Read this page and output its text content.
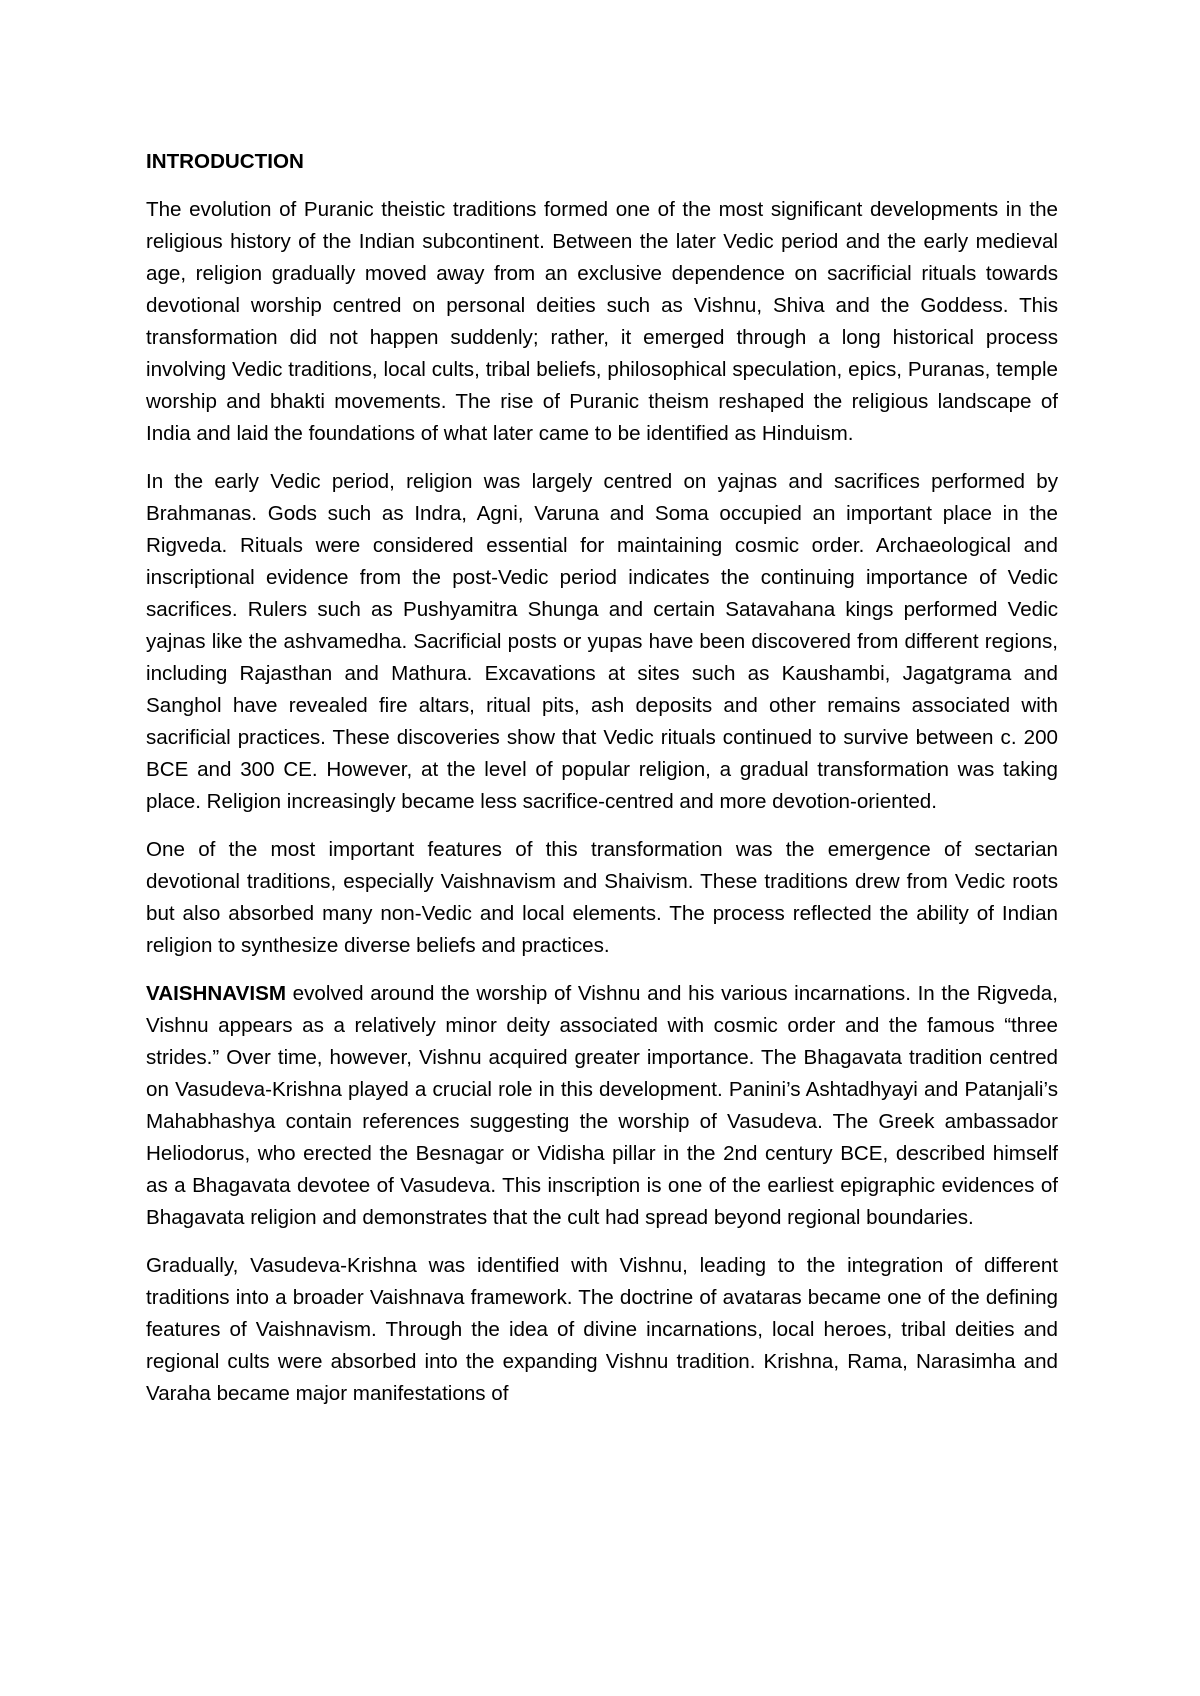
INTRODUCTION

The evolution of Puranic theistic traditions formed one of the most significant developments in the religious history of the Indian subcontinent. Between the later Vedic period and the early medieval age, religion gradually moved away from an exclusive dependence on sacrificial rituals towards devotional worship centred on personal deities such as Vishnu, Shiva and the Goddess. This transformation did not happen suddenly; rather, it emerged through a long historical process involving Vedic traditions, local cults, tribal beliefs, philosophical speculation, epics, Puranas, temple worship and bhakti movements. The rise of Puranic theism reshaped the religious landscape of India and laid the foundations of what later came to be identified as Hinduism.

In the early Vedic period, religion was largely centred on yajnas and sacrifices performed by Brahmanas. Gods such as Indra, Agni, Varuna and Soma occupied an important place in the Rigveda. Rituals were considered essential for maintaining cosmic order. Archaeological and inscriptional evidence from the post-Vedic period indicates the continuing importance of Vedic sacrifices. Rulers such as Pushyamitra Shunga and certain Satavahana kings performed Vedic yajnas like the ashvamedha. Sacrificial posts or yupas have been discovered from different regions, including Rajasthan and Mathura. Excavations at sites such as Kaushambi, Jagatgrama and Sanghol have revealed fire altars, ritual pits, ash deposits and other remains associated with sacrificial practices. These discoveries show that Vedic rituals continued to survive between c. 200 BCE and 300 CE. However, at the level of popular religion, a gradual transformation was taking place. Religion increasingly became less sacrifice-centred and more devotion-oriented.

One of the most important features of this transformation was the emergence of sectarian devotional traditions, especially Vaishnavism and Shaivism. These traditions drew from Vedic roots but also absorbed many non-Vedic and local elements. The process reflected the ability of Indian religion to synthesize diverse beliefs and practices.

VAISHNAVISM evolved around the worship of Vishnu and his various incarnations. In the Rigveda, Vishnu appears as a relatively minor deity associated with cosmic order and the famous “three strides.” Over time, however, Vishnu acquired greater importance. The Bhagavata tradition centred on Vasudeva-Krishna played a crucial role in this development. Panini’s Ashtadhyayi and Patanjali’s Mahabhashya contain references suggesting the worship of Vasudeva. The Greek ambassador Heliodorus, who erected the Besnagar or Vidisha pillar in the 2nd century BCE, described himself as a Bhagavata devotee of Vasudeva. This inscription is one of the earliest epigraphic evidences of Bhagavata religion and demonstrates that the cult had spread beyond regional boundaries.

Gradually, Vasudeva-Krishna was identified with Vishnu, leading to the integration of different traditions into a broader Vaishnava framework. The doctrine of avataras became one of the defining features of Vaishnavism. Through the idea of divine incarnations, local heroes, tribal deities and regional cults were absorbed into the expanding Vishnu tradition. Krishna, Rama, Narasimha and Varaha became major manifestations of
